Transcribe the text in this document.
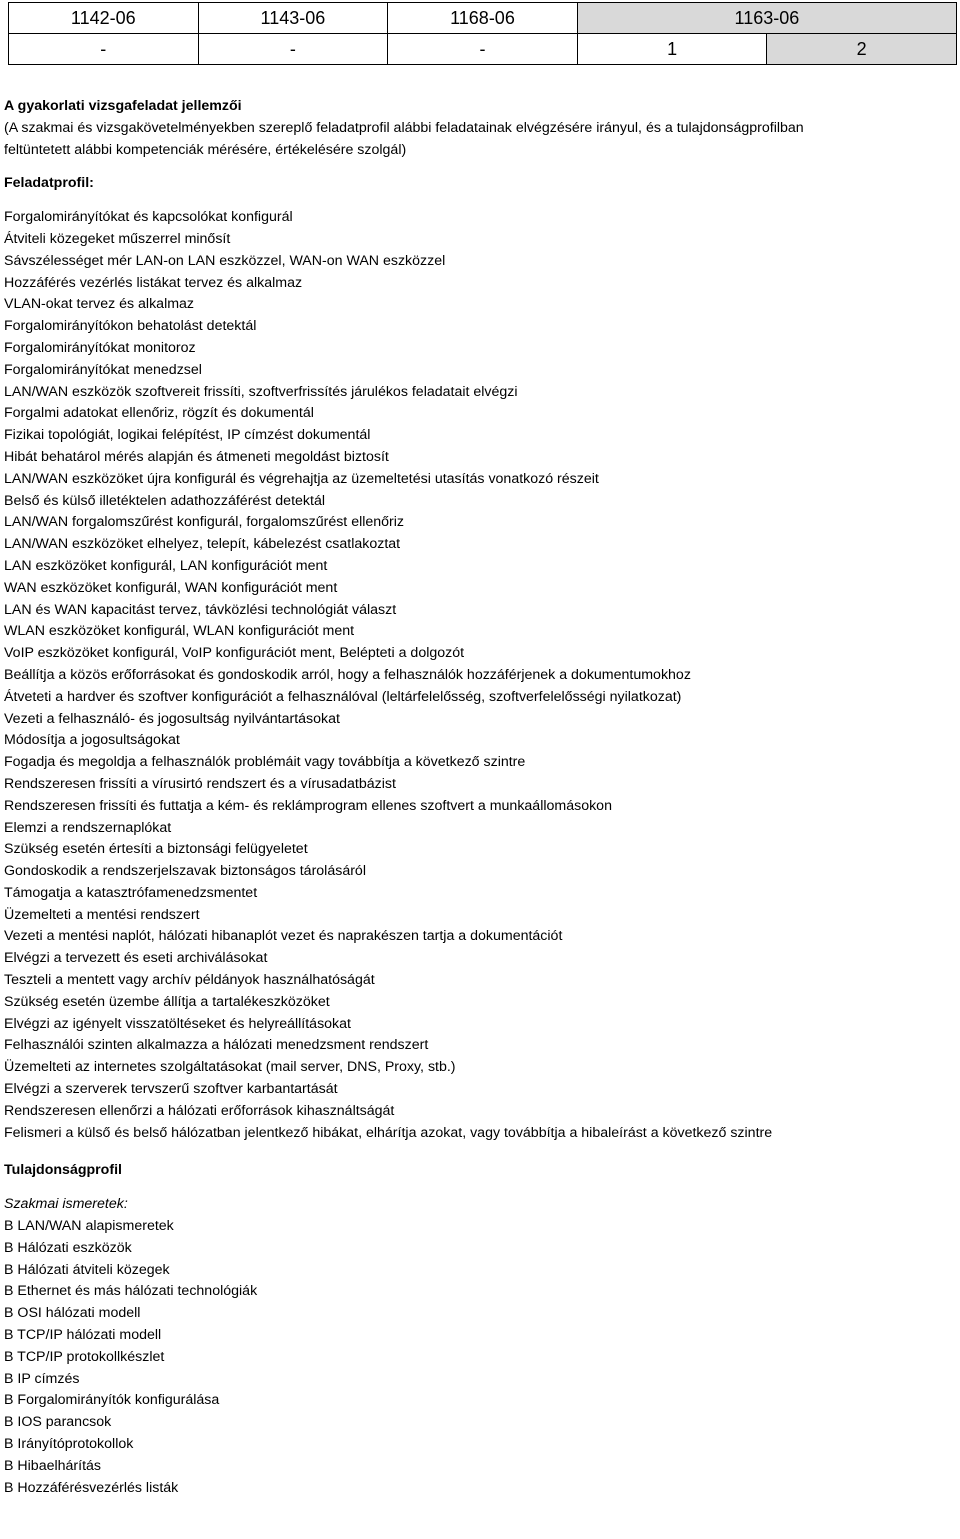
1142-06	1143-06	1168-06	1163-06	
-	-	-	1	2

A gyakorlati vizsgafeladat jellemzői

(A szakmai és vizsgakövetelményekben szereplő feladatprofil alábbi feladatainak elvégzésére irányul, és a tulajdonságprofilban

feltüntetett alábbi kompetenciák mérésére, értékelésére szolgál)

Feladatprofil:

Forgalomirányítókat és kapcsolókat konfigurál

Átviteli közegeket műszerrel minősít

Sávszélességet mér LAN-on LAN eszközzel, WAN-on WAN eszközzel

Hozzáférés vezérlés listákat tervez és alkalmaz

VLAN-okat tervez és alkalmaz

Forgalomirányítókon behatolást detektál

Forgalomirányítókat monitoroz

Forgalomirányítókat menedzsel

LAN/WAN eszközök szoftvereit frissíti, szoftverfrissítés járulékos feladatait elvégzi

Forgalmi adatokat ellenőriz, rögzít és dokumentál

Fizikai topológiát, logikai felépítést, IP címzést dokumentál

Hibát behatárol mérés alapján és átmeneti megoldást biztosít

LAN/WAN eszközöket újra konfigurál és végrehajtja az üzemeltetési utasítás vonatkozó részeit

Belső és külső illetéktelen adathozzáférést detektál

LAN/WAN forgalomszűrést konfigurál, forgalomszűrést ellenőriz

LAN/WAN eszközöket elhelyez, telepít, kábelezést csatlakoztat

LAN eszközöket konfigurál, LAN konfigurációt ment

WAN eszközöket konfigurál, WAN konfigurációt ment

LAN és WAN kapacitást tervez, távközlési technológiát választ

WLAN eszközöket konfigurál, WLAN konfigurációt ment

VoIP eszközöket konfigurál, VoIP konfigurációt ment, Belépteti a dolgozót

Beállítja a közös erőforrásokat és gondoskodik arról, hogy a felhasználók hozzáférjenek a dokumentumokhoz

Átveteti a hardver és szoftver konfigurációt a felhasználóval (leltárfelelősség, szoftverfelelősségi nyilatkozat)

Vezeti a felhasználó- és jogosultság nyilvántartásokat

Módosítja a jogosultságokat

Fogadja és megoldja a felhasználók problémáit vagy továbbítja a következő szintre

Rendszeresen frissíti a vírusirtó rendszert és a vírusadatbázist

Rendszeresen frissíti és futtatja a kém- és reklámprogram ellenes szoftvert a munkaállomásokon

Elemzi a rendszernaplókat

Szükség esetén értesíti a biztonsági felügyeletet

Gondoskodik a rendszerjelszavak biztonságos tárolásáról

Támogatja a katasztrófamenedzsmentet

Üzemelteti a mentési rendszert

Vezeti a mentési naplót, hálózati hibanaplót vezet és naprakészen tartja a dokumentációt

Elvégzi a tervezett és eseti archiválásokat

Teszteli a mentett vagy archív példányok használhatóságát

Szükség esetén üzembe állítja a tartalékeszközöket

Elvégzi az igényelt visszatöltéseket és helyreállításokat

Felhasználói szinten alkalmazza a hálózati menedzsment rendszert

Üzemelteti az internetes szolgáltatásokat (mail server, DNS, Proxy, stb.)

Elvégzi a szerverek tervszerű szoftver karbantartását

Rendszeresen ellenőrzi a hálózati erőforrások kihasználtságát

Felismeri a külső és belső hálózatban jelentkező hibákat, elhárítja azokat, vagy továbbítja a hibaleírást a következő szintre

Tulajdonságprofil

Szakmai ismeretek:

B LAN/WAN alapismeretek

B Hálózati eszközök

B Hálózati átviteli közegek

B Ethernet és más hálózati technológiák

B OSI hálózati modell

B TCP/IP hálózati modell

B TCP/IP protokollkészlet

B IP címzés

B Forgalomirányítók konfigurálása

B IOS parancsok

B Irányítóprotokollok

B Hibaelhárítás

B Hozzáférésvezérlés listák
